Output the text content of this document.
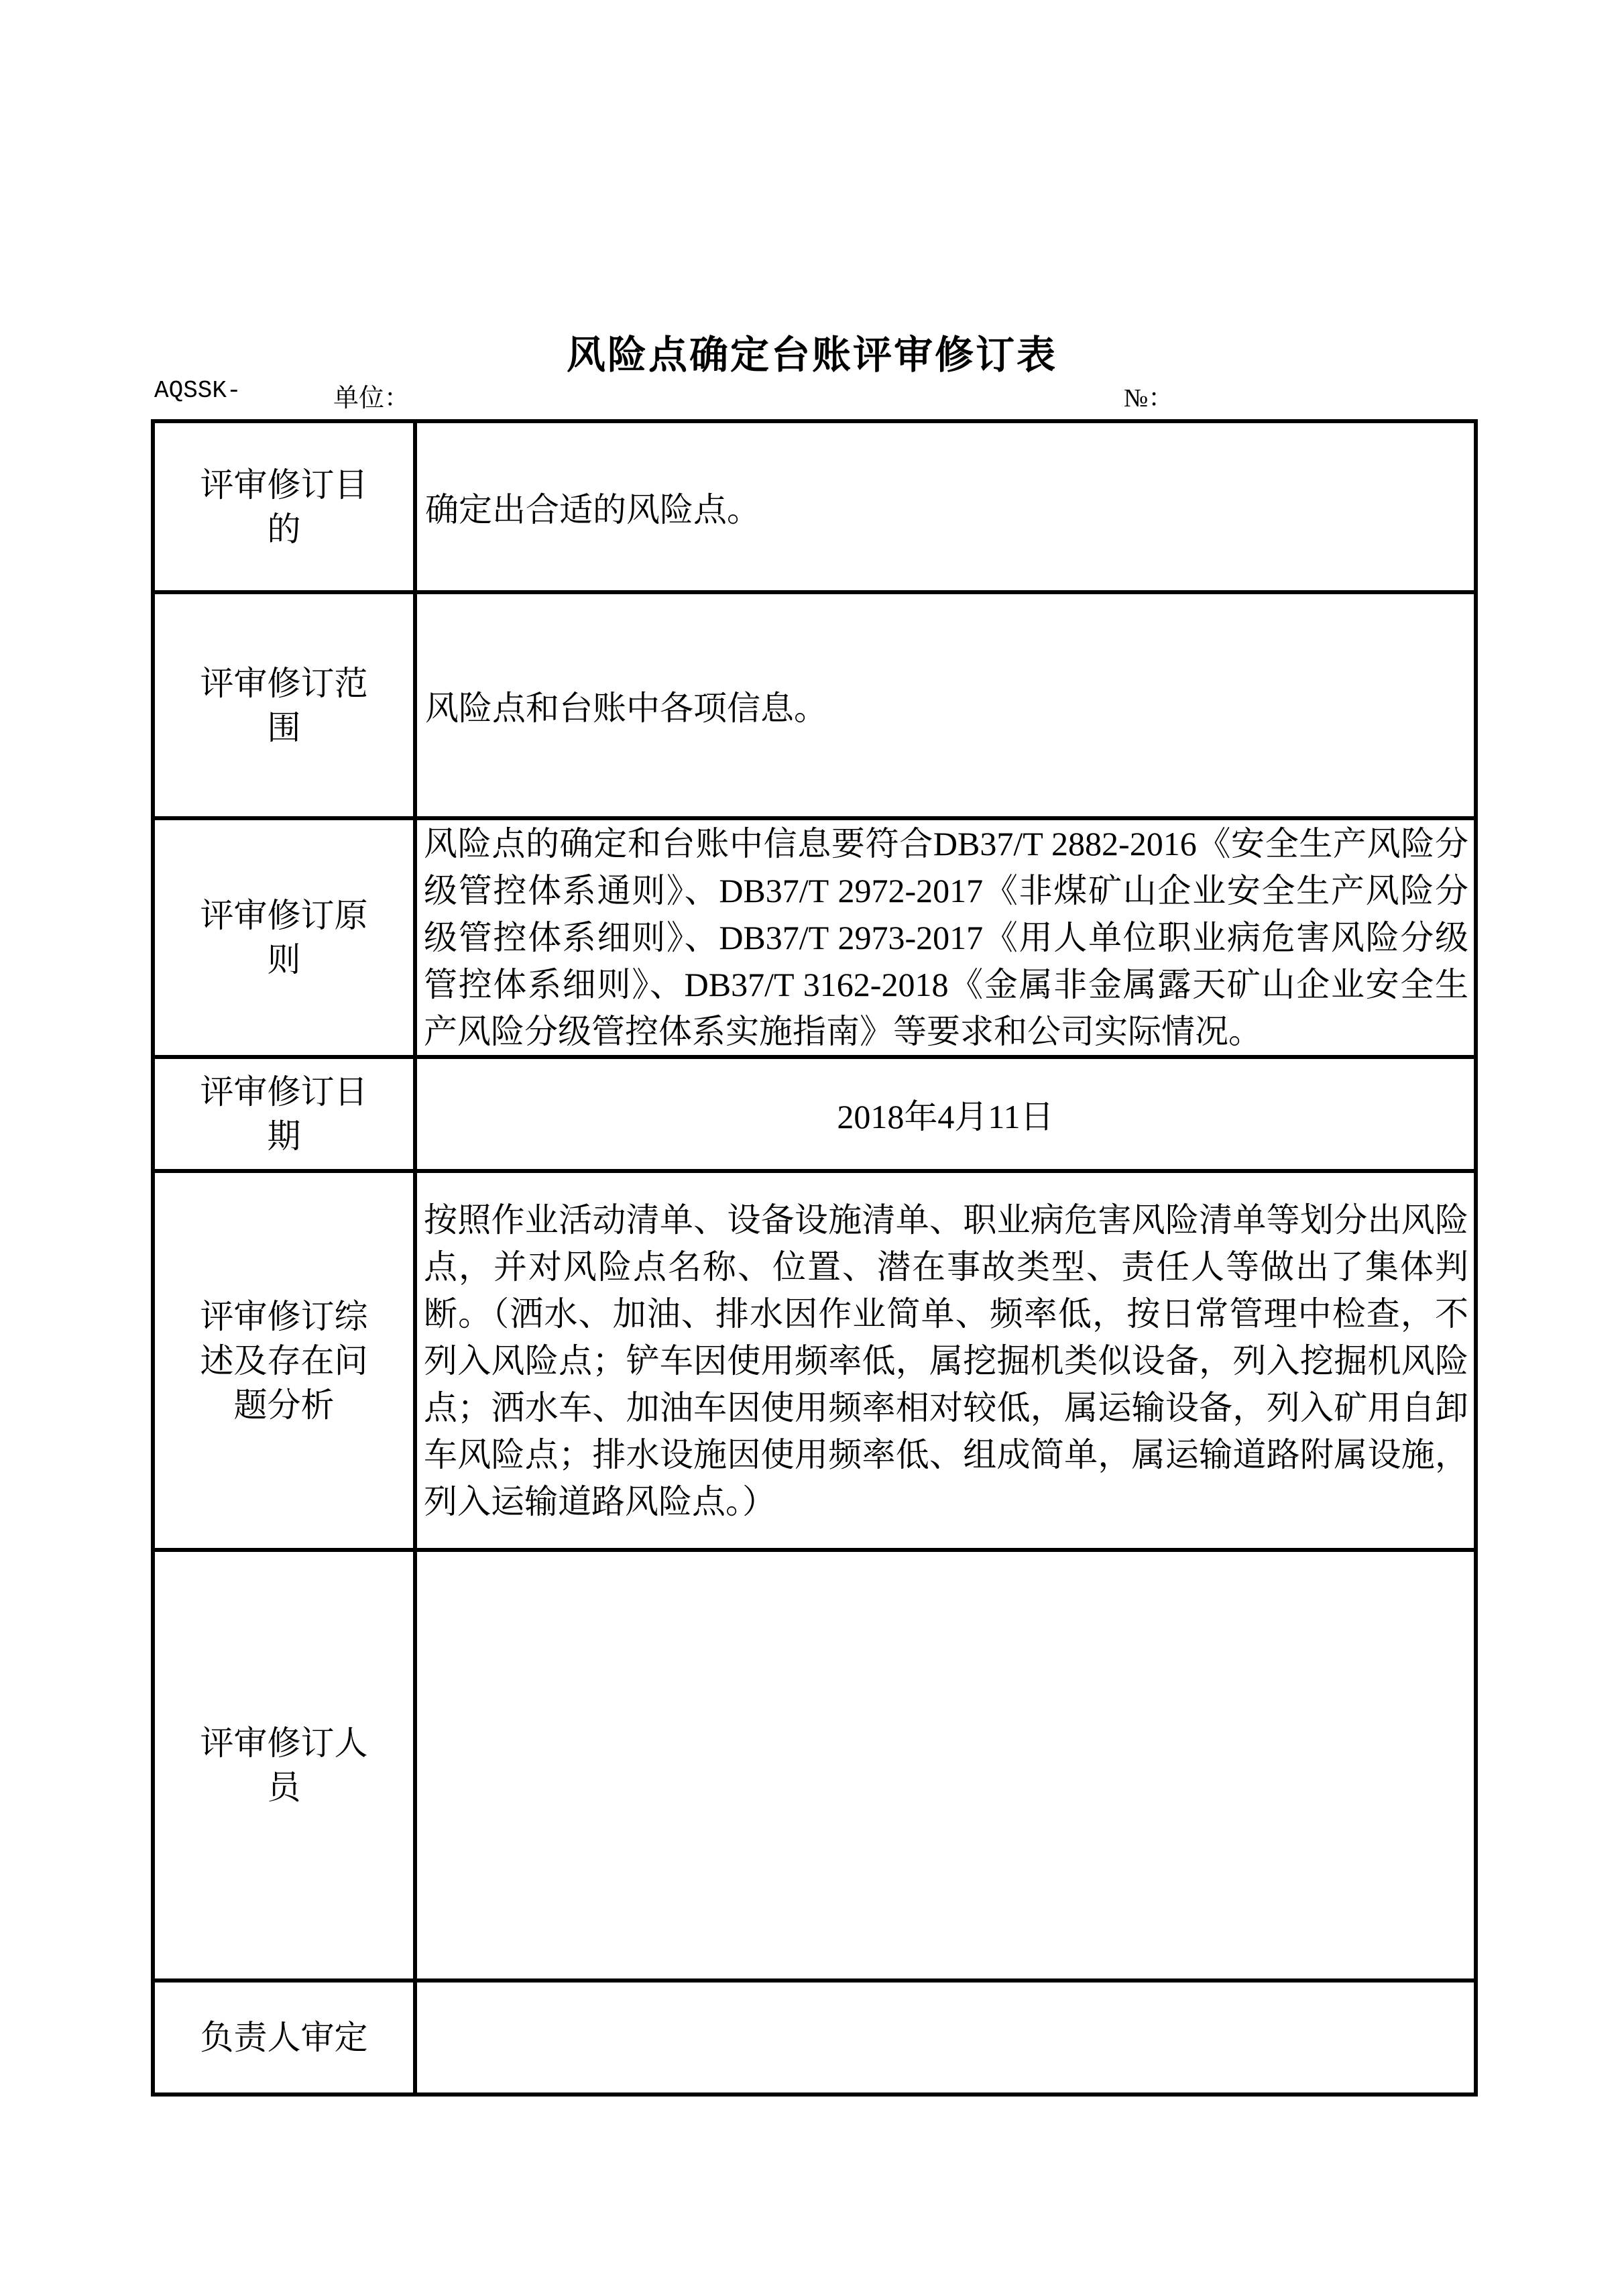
风险点确定台账评审修订表
AQSSK-	单位：	№：
评审修订目的	确定出合适的风险点。
评审修订范围	风险点和台账中各项信息。
评审修订原则	风险点的确定和台账中信息要符合DB37/T 2882-2016《安全生产风险分级管控体系通则》、DB37/T 2972-2017《非煤矿山企业安全生产风险分级管控体系细则》、DB37/T 2973-2017《用人单位职业病危害风险分级管控体系细则》、DB37/T 3162-2018《金属非金属露天矿山企业安全生产风险分级管控体系实施指南》等要求和公司实际情况。
评审修订日期	2018年4月11日
评审修订综述及存在问题分析	按照作业活动清单、设备设施清单、职业病危害风险清单等划分出风险点，并对风险点名称、位置、潜在事故类型、责任人等做出了集体判断。（洒水、加油、排水因作业简单、频率低，按日常管理中检查，不列入风险点；铲车因使用频率低，属挖掘机类似设备，列入挖掘机风险点；洒水车、加油车因使用频率相对较低，属运输设备，列入矿用自卸车风险点；排水设施因使用频率低、组成简单，属运输道路附属设施，列入运输道路风险点。）
评审修订人员	
负责人审定	
